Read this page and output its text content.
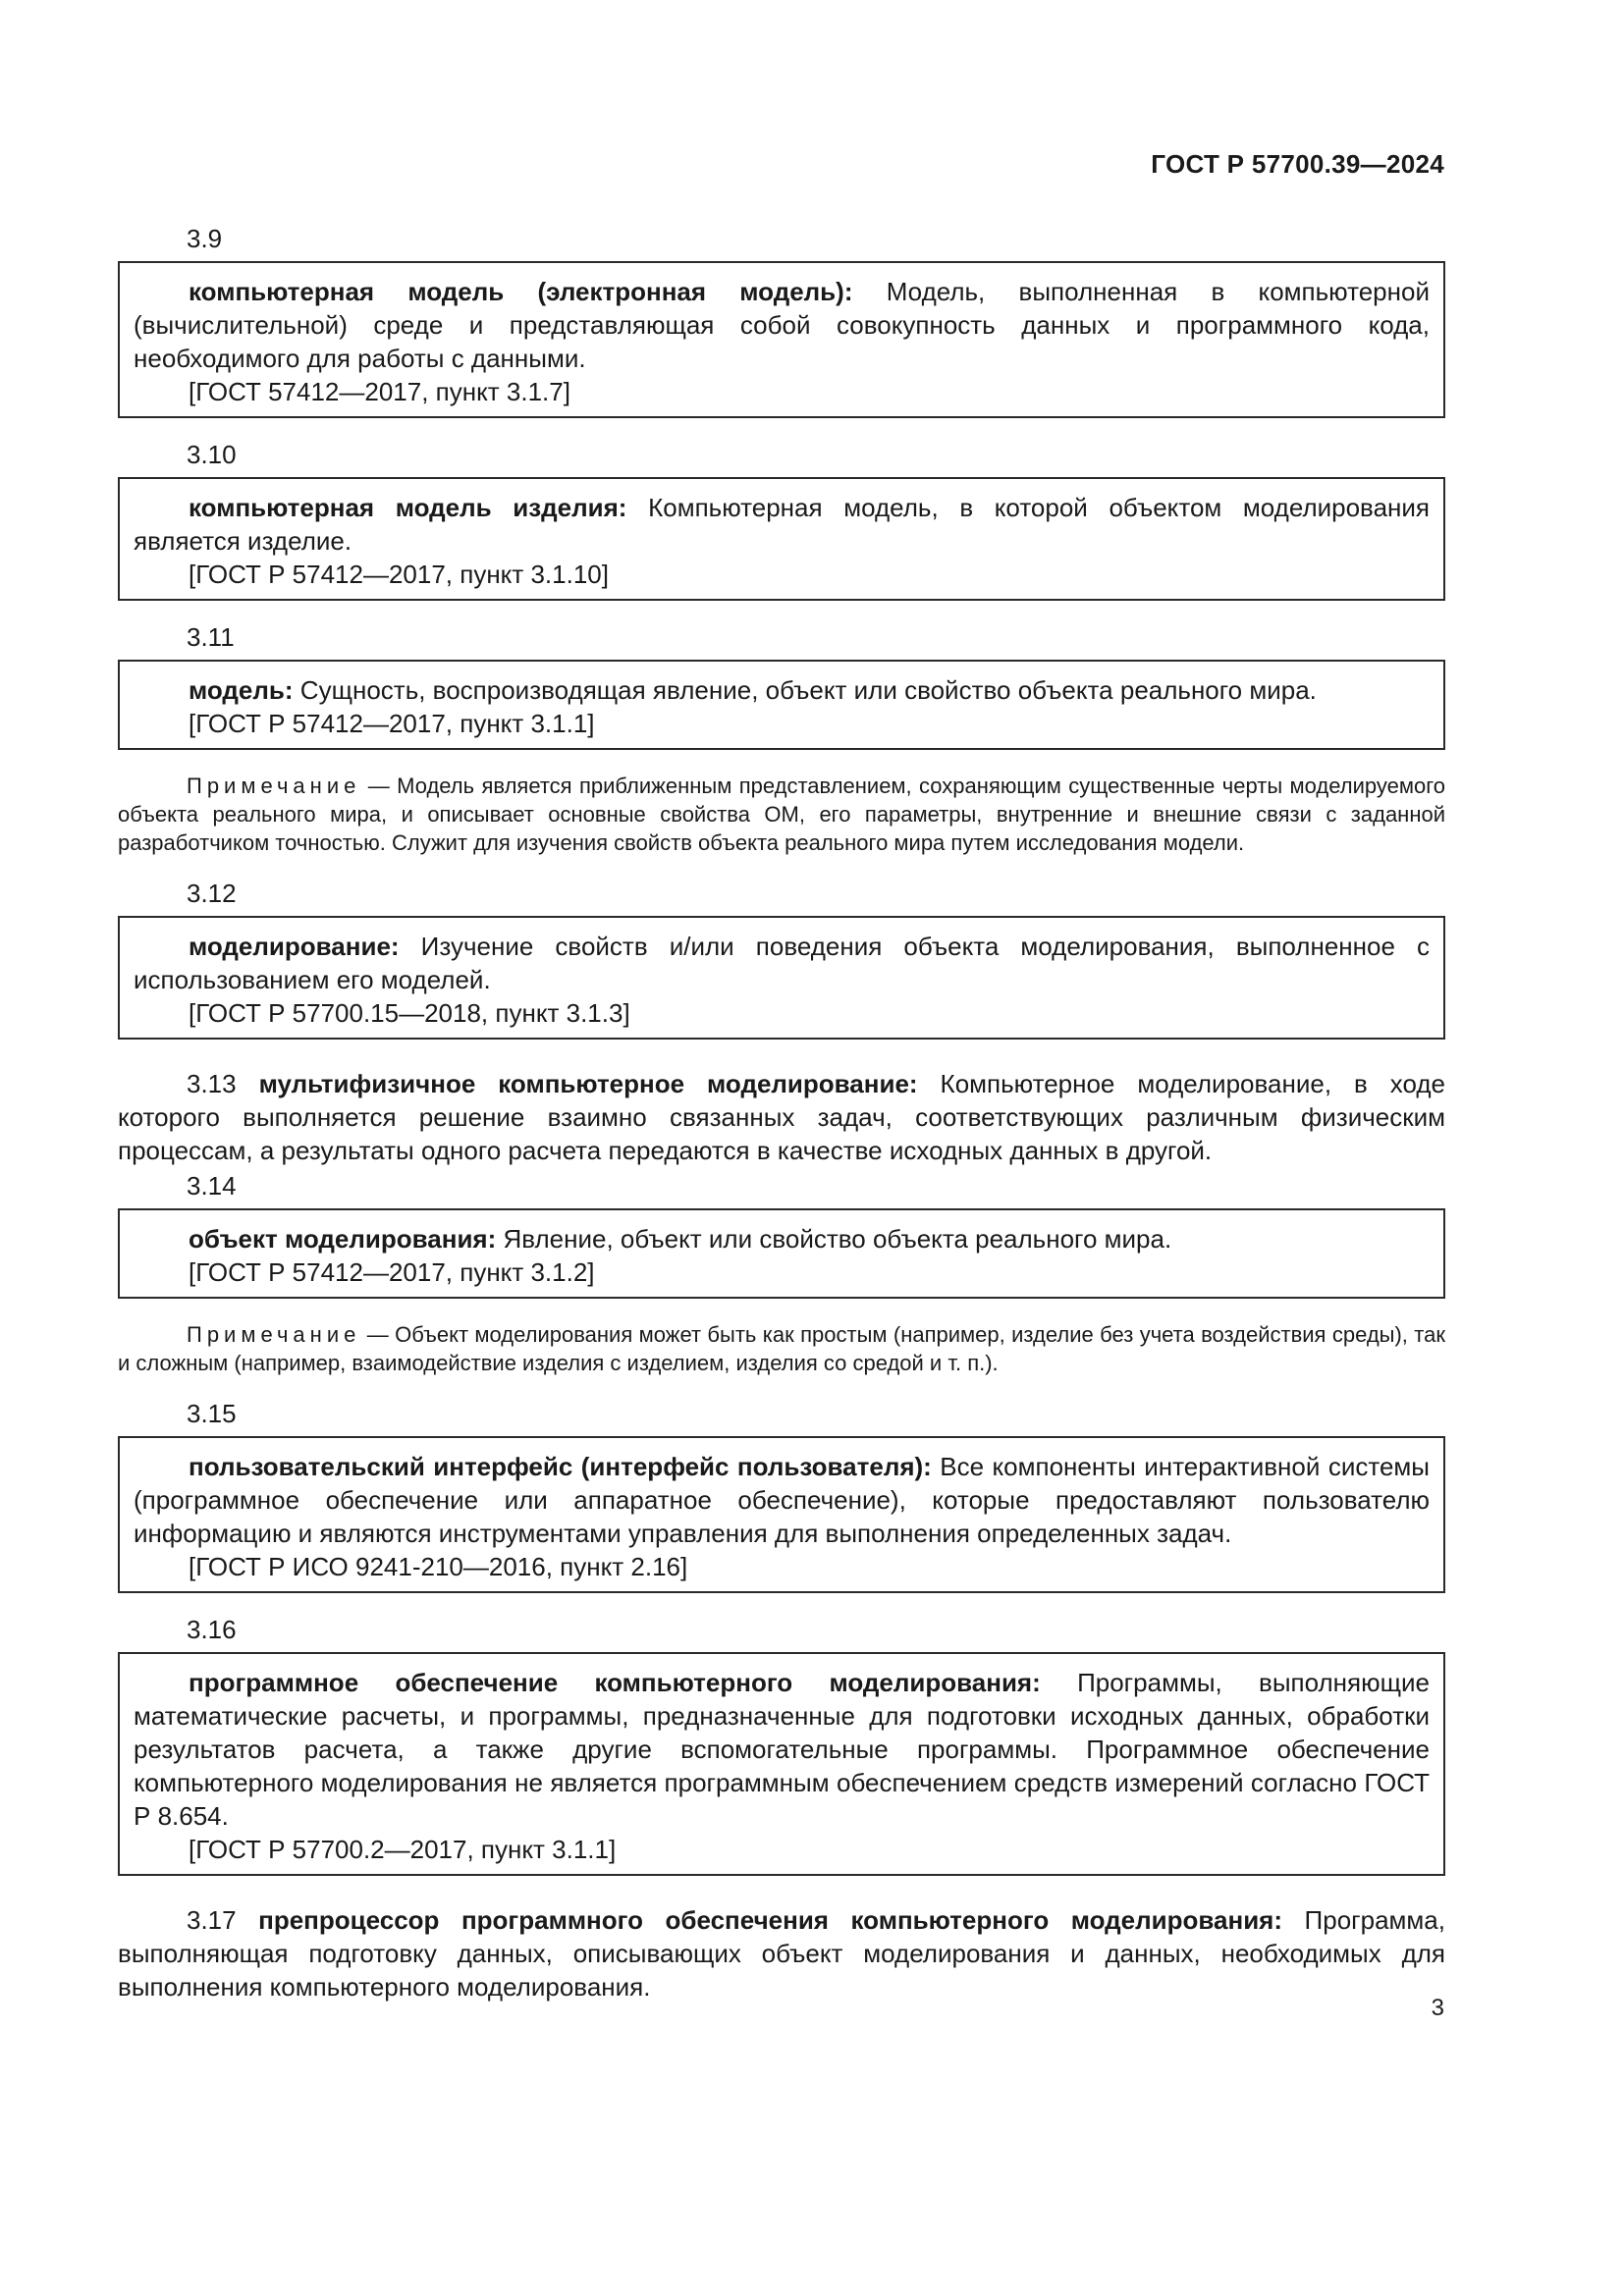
ГОСТ Р 57700.39—2024
3.9

компьютерная модель (электронная модель): Модель, выполненная в компьютерной (вычислительной) среде и представляющая собой совокупность данных и программного кода, необходимого для работы с данными.

[ГОСТ 57412—2017, пункт 3.1.7]

3.10

компьютерная модель изделия: Компьютерная модель, в которой объектом моделирования является изделие.

[ГОСТ Р 57412—2017, пункт 3.1.10]

3.11

модель: Сущность, воспроизводящая явление, объект или свойство объекта реального мира.

[ГОСТ Р 57412—2017, пункт 3.1.1]

Примечание — Модель является приближенным представлением, сохраняющим существенные черты моделируемого объекта реального мира, и описывает основные свойства ОМ, его параметры, внутренние и внешние связи с заданной разработчиком точностью. Служит для изучения свойств объекта реального мира путем исследования модели.
3.12

моделирование: Изучение свойств и/или поведения объекта моделирования, выполненное с использованием его моделей.

[ГОСТ Р 57700.15—2018, пункт 3.1.3]

3.13 мультифизичное компьютерное моделирование: Компьютерное моделирование, в ходе которого выполняется решение взаимно связанных задач, соответствующих различным физическим процессам, а результаты одного расчета передаются в качестве исходных данных в другой.

3.14

объект моделирования: Явление, объект или свойство объекта реального мира.

[ГОСТ Р 57412—2017, пункт 3.1.2]

Примечание — Объект моделирования может быть как простым (например, изделие без учета воздействия среды), так и сложным (например, взаимодействие изделия с изделием, изделия со средой и т. п.).
3.15

пользовательский интерфейс (интерфейс пользователя): Все компоненты интерактивной системы (программное обеспечение или аппаратное обеспечение), которые предоставляют пользователю информацию и являются инструментами управления для выполнения определенных задач.

[ГОСТ Р ИСО 9241-210—2016, пункт 2.16]

3.16

программное обеспечение компьютерного моделирования: Программы, выполняющие математические расчеты, и программы, предназначенные для подготовки исходных данных, обработки результатов расчета, а также другие вспомогательные программы. Программное обеспечение компьютерного моделирования не является программным обеспечением средств измерений согласно ГОСТ Р 8.654.

[ГОСТ Р 57700.2—2017, пункт 3.1.1]

3.17 препроцессор программного обеспечения компьютерного моделирования: Программа, выполняющая подготовку данных, описывающих объект моделирования и данных, необходимых для выполнения компьютерного моделирования.

3
